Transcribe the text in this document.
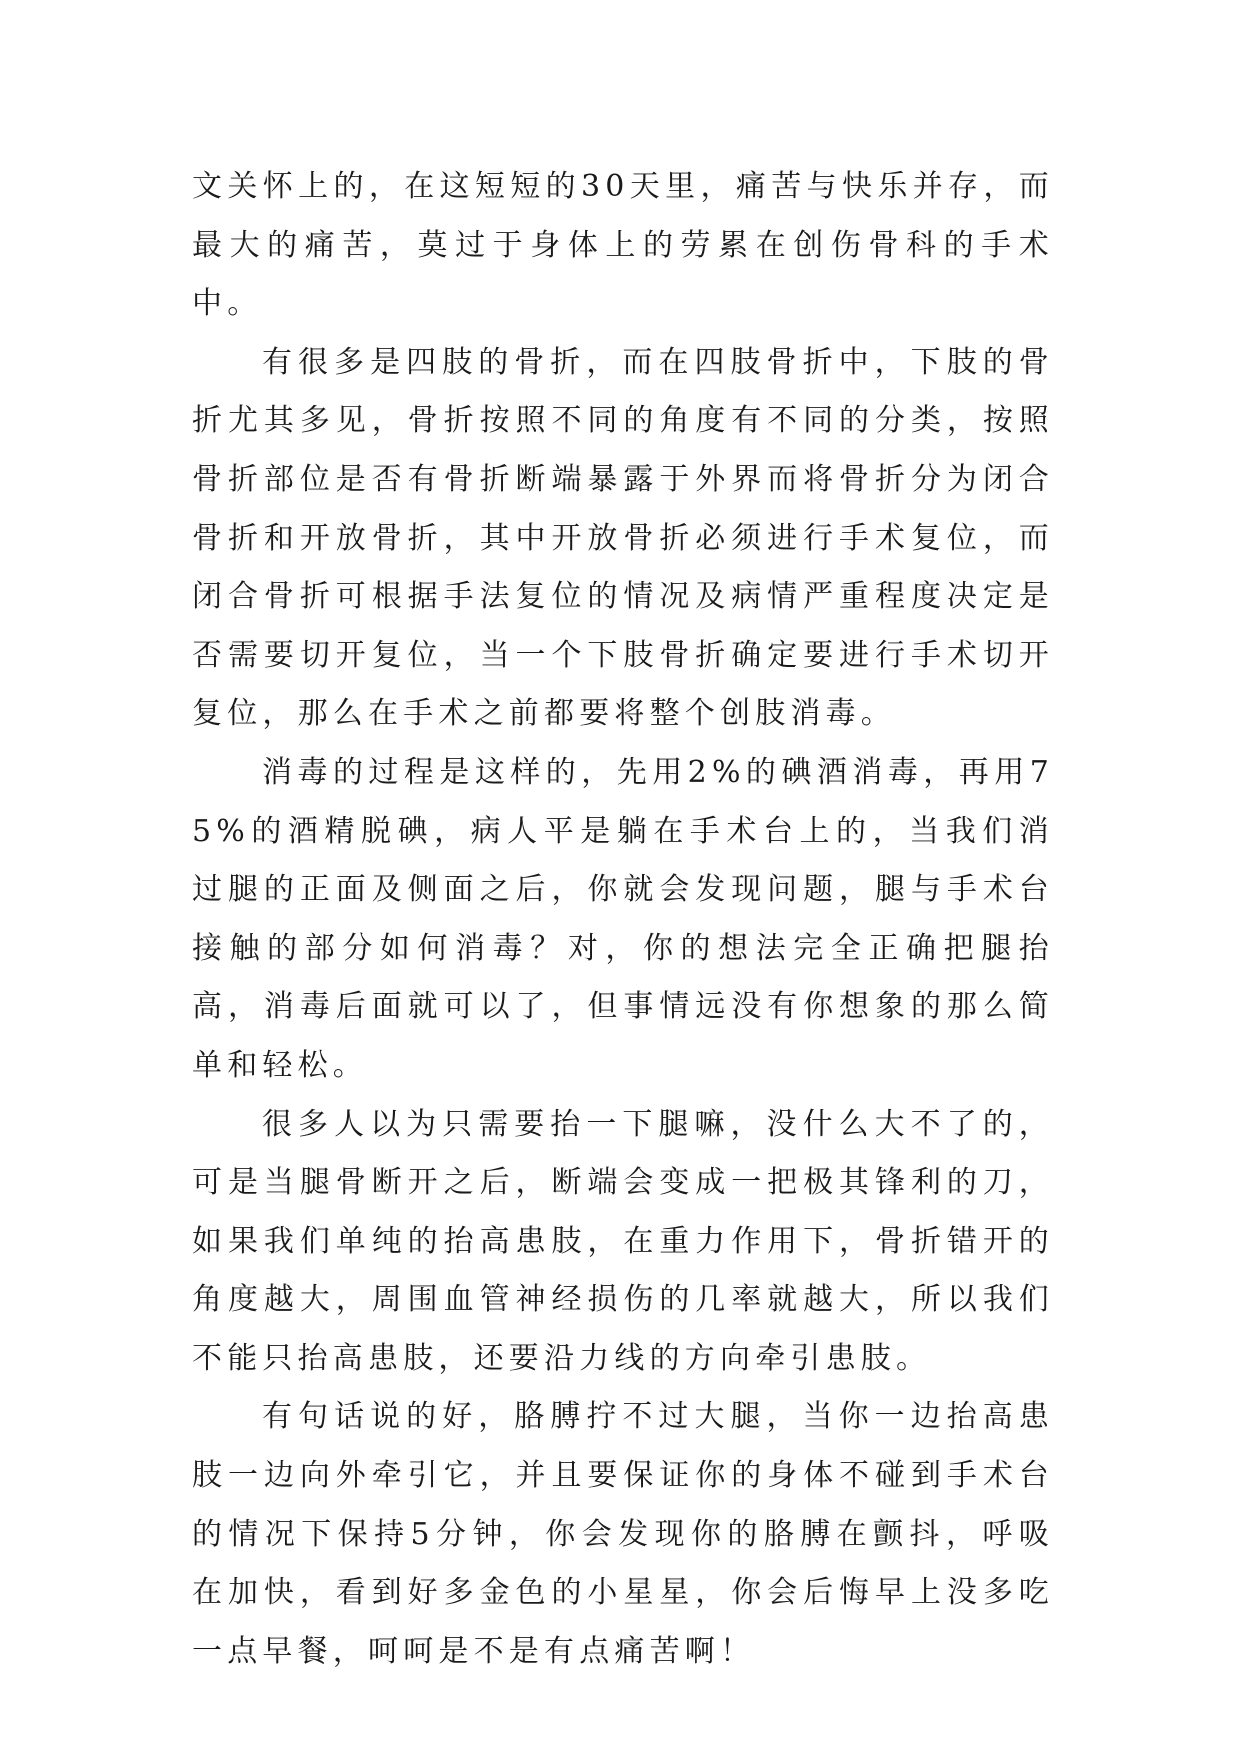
文关怀上的，在这短短的30天里，痛苦与快乐并存，而最大的痛苦，莫过于身体上的劳累在创伤骨科的手术中。

有很多是四肢的骨折，而在四肢骨折中，下肢的骨折尤其多见，骨折按照不同的角度有不同的分类，按照骨折部位是否有骨折断端暴露于外界而将骨折分为闭合骨折和开放骨折，其中开放骨折必须进行手术复位，而闭合骨折可根据手法复位的情况及病情严重程度决定是否需要切开复位，当一个下肢骨折确定要进行手术切开复位，那么在手术之前都要将整个创肢消毒。

消毒的过程是这样的，先用2%的碘酒消毒，再用75%的酒精脱碘，病人平是躺在手术台上的，当我们消过腿的正面及侧面之后，你就会发现问题，腿与手术台接触的部分如何消毒？对，你的想法完全正确把腿抬高，消毒后面就可以了，但事情远没有你想象的那么简单和轻松。

很多人以为只需要抬一下腿嘛，没什么大不了的，可是当腿骨断开之后，断端会变成一把极其锋利的刀，如果我们单纯的抬高患肢，在重力作用下，骨折错开的角度越大，周围血管神经损伤的几率就越大，所以我们不能只抬高患肢，还要沿力线的方向牵引患肢。

有句话说的好，胳膊拧不过大腿，当你一边抬高患肢一边向外牵引它，并且要保证你的身体不碰到手术台的情况下保持5分钟，你会发现你的胳膊在颤抖，呼吸在加快，看到好多金色的小星星，你会后悔早上没多吃一点早餐，呵呵是不是有点痛苦啊！
